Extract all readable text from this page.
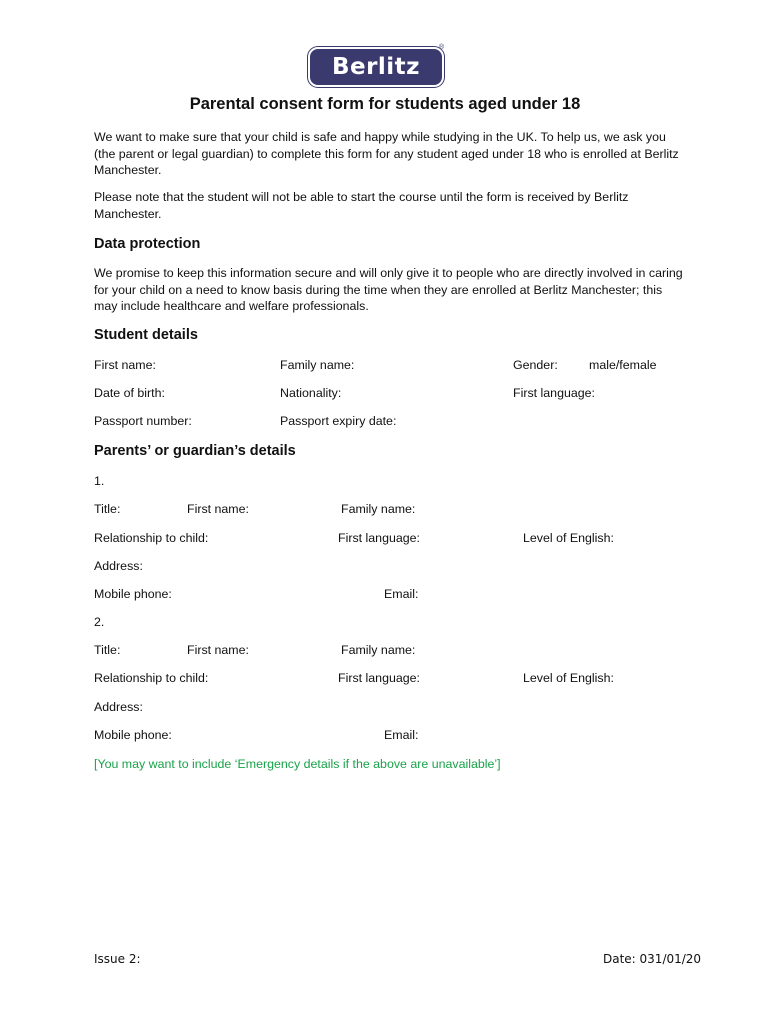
Berlitz
®
Parental consent form for students aged under 18

We want to make sure that your child is safe and happy while studying in the UK. To help us, we ask you (the parent or legal guardian) to complete this form for any student aged under 18 who is enrolled at Berlitz Manchester.

Please note that the student will not be able to start the course until the form is received by Berlitz Manchester.

Data protection

We promise to keep this information secure and will only give it to people who are directly involved in caring for your child on a need to know basis during the time when they are enrolled at Berlitz Manchester; this may include healthcare and welfare professionals.

Student details
First name:	Family name:	Gender:	male/female
Date of birth:	Nationality:	First language:
Passport number:	Passport expiry date:
Parents’ or guardian’s details
1.
Title:	First name:	Family name:
Relationship to child:	First language:	Level of English:
Address:
Mobile phone:	Email:
2.
Title:	First name:	Family name:
Relationship to child:	First language:	Level of English:
Address:
Mobile phone:	Email:
[You may want to include ‘Emergency details if the above are unavailable’]
Issue 2:	Date: 031/01/20
